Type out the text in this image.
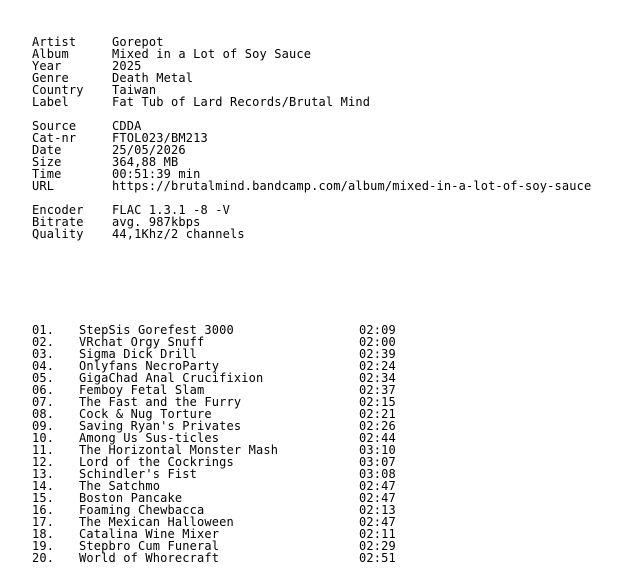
Artist	Gorepot
Album	Mixed in a Lot of Soy Sauce
Year	2025
Genre	Death Metal
Country	Taiwan
Label	Fat Tub of Lard Records/Brutal Mind
Source	CDDA
Cat-nr	FTOL023/BM213
Date	25/05/2026
Size	364,88 MB
Time	00:51:39 min
URL	https://brutalmind.bandcamp.com/album/mixed-in-a-lot-of-soy-sauce
Encoder	FLAC 1.3.1 -8 -V
Bitrate	avg. 987kbps
Quality	44,1Khz/2 channels
01.	StepSis Gorefest 3000	02:09
02.	VRchat Orgy Snuff	02:00
03.	Sigma Dick Drill	02:39
04.	Onlyfans NecroParty	02:24
05.	GigaChad Anal Crucifixion	02:34
06.	Femboy Fetal Slam	02:37
07.	The Fast and the Furry	02:15
08.	Cock & Nug Torture	02:21
09.	Saving Ryan's Privates	02:26
10.	Among Us Sus-ticles	02:44
11.	The Horizontal Monster Mash	03:10
12.	Lord of the Cockrings	03:07
13.	Schindler's Fist	03:08
14.	The Satchmo	02:47
15.	Boston Pancake	02:47
16.	Foaming Chewbacca	02:13
17.	The Mexican Halloween	02:47
18.	Catalina Wine Mixer	02:11
19.	Stepbro Cum Funeral	02:29
20.	World of Whorecraft	02:51
